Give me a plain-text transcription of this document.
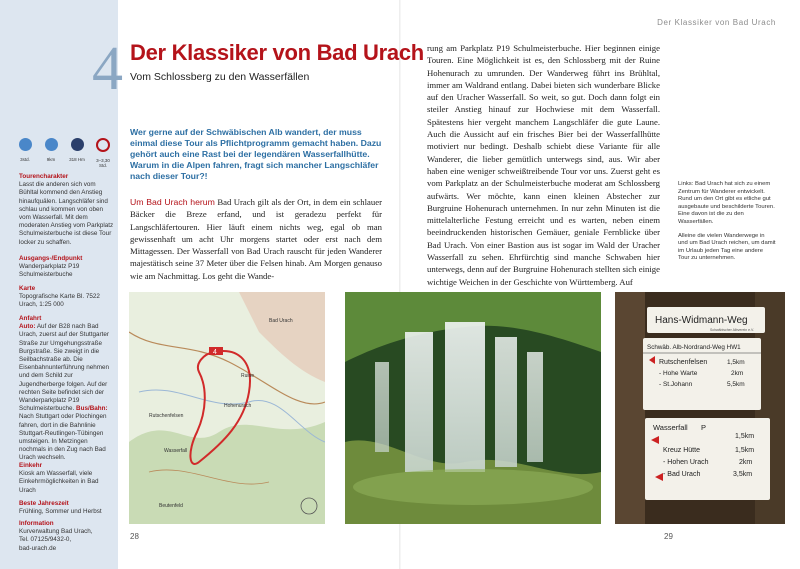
3std.	9km	318 Hm	3–3,30 Std.
Tourencharakter
Lasst die anderen sich vom Bühltal kommend den Anstieg hinaufquälen. Langschläfer sind schlau und kommen von oben vom Wasserfall. Mit dem moderaten Anstieg vom Parkplatz Schulmeisterbuche ist diese Tour locker zu schaffen.
Ausgangs-/Endpunkt
Wanderparkplatz P19 Schulmeisterbuche
Karte
Topografische Karte Bl. 7522 Urach, 1:25 000
Anfahrt
Auto: Auf der B28 nach Bad Urach, zuerst auf der Stuttgarter Straße zur Umgehungsstraße Burgstraße. Sie zweigt in die Seilbachstraße ab. Die Eisenbahnunterführung nehmen und dem Schild zur Jugendherberge folgen. Auf der rechten Seite befindet sich der Wanderparkplatz P19 Schulmeisterbuche. Bus/Bahn: Nach Stuttgart oder Plochingen fahren, dort in die Bahnlinie Stuttgart-Reutlingen-Tübingen umsteigen. In Metzingen nochmals in den Zug nach Bad Urach wechseln.
Einkehr
Kiosk am Wasserfall, viele Einkehrmöglichkeiten in Bad Urach
Beste Jahreszeit
Frühling, Sommer und Herbst
Information
Kurverwaltung Bad Urach,
Tel. 07125/9432-0,
bad-urach.de
4 Der Klassiker von Bad Urach
Vom Schlossberg zu den Wasserfällen
Der Klassiker von Bad Urach
Wer gerne auf der Schwäbischen Alb wandert, der muss einmal diese Tour als Pflichtprogramm gemacht haben. Dazu gehört auch eine Rast bei der legendären Wasserfallhütte. Warum in die Alpen fahren, fragt sich mancher Langschläfer nach dieser Tour?!
Um Bad Urach herum Bad Urach gilt als der Ort, in dem ein schlauer Bäcker die Breze erfand, und ist geradezu perfekt für Langschläfertouren. Hier läuft einem nichts weg, egal ob man gewissenhaft um acht Uhr morgens startet oder erst nach dem Mittagessen. Der Wasserfall von Bad Urach rauscht für jeden Wanderer majestätisch seine 37 Meter über die Felsen hinab. Am Morgen genauso wie am Nachmittag. Los geht die Wande-
rung am Parkplatz P19 Schulmeisterbuche. Hier beginnen einige Touren. Eine Möglichkeit ist es, den Schlossberg mit der Ruine Hohenurach zu umrunden. Der Wanderweg führt ins Brühltal, immer am Waldrand entlang. Dabei bieten sich wunderbare Blicke auf den Uracher Wasserfall. So weit, so gut. Doch dann folgt ein steiler Anstieg hinauf zur Hochwiese mit dem Wasserfall. Spätestens hier vergeht manchem Langschläfer die gute Laune. Auch die Aussicht auf ein frisches Bier bei der Wasserfallhütte motiviert nur bedingt. Deshalb schiebt diese Variante für alle Wanderer, die lieber gemütlich unterwegs sind, aus. Wir aber haben eine weniger schweißtreibende Tour vor uns. Zuerst geht es vom Parkplatz an der Schulmeisterbuche moderat am Schlossberg aufwärts. Wer möchte, kann einen kleinen Abstecher zur Burgruine Hohenurach unternehmen. In nur zehn Minuten ist die mittelalterliche Festung erreicht und es warten, neben einem beeindruckenden historischen Gemäuer, geniale Fernblicke über Bad Urach. Von einer Bastion aus ist sogar im Wald der Uracher Wasserfall zu sehen. Ehrfürchtig sind manche Schwaben hier unterwegs, denn auf der Burgruine Hohenurach stellten sich einige wichtige Weichen in der Geschichte von Württemberg. Auf

Links: Bad Urach hat sich zu einem Zentrum für Wanderer entwickelt. Rund um den Ort gibt es etliche gut ausgebaute und beschilderte Touren. Eine davon ist die zu den Wasserfällen.

Alleine die vielen Wanderwege in und um Bad Urach reichen, um damit im Urlaub jeden Tag eine andere Tour zu unternehmen.

4
Bad Urach
Hohenurach
Ruine
Wasserfall
Rutschenfelsen
Beutenfeld
Hans-Widmann-Weg
Schwäbischer Albverein e.V.
Schwäb. Alb-Nordrand-Weg HW1
Rutschenfelsen	1,5km
- Hohe Warte	2km
- St.Johann	5,5km
Wasserfall P
1,5km
Kreuz Hütte	1,5km
- Hohen Urach	2km
- Bad Urach	3,5km
28	29
